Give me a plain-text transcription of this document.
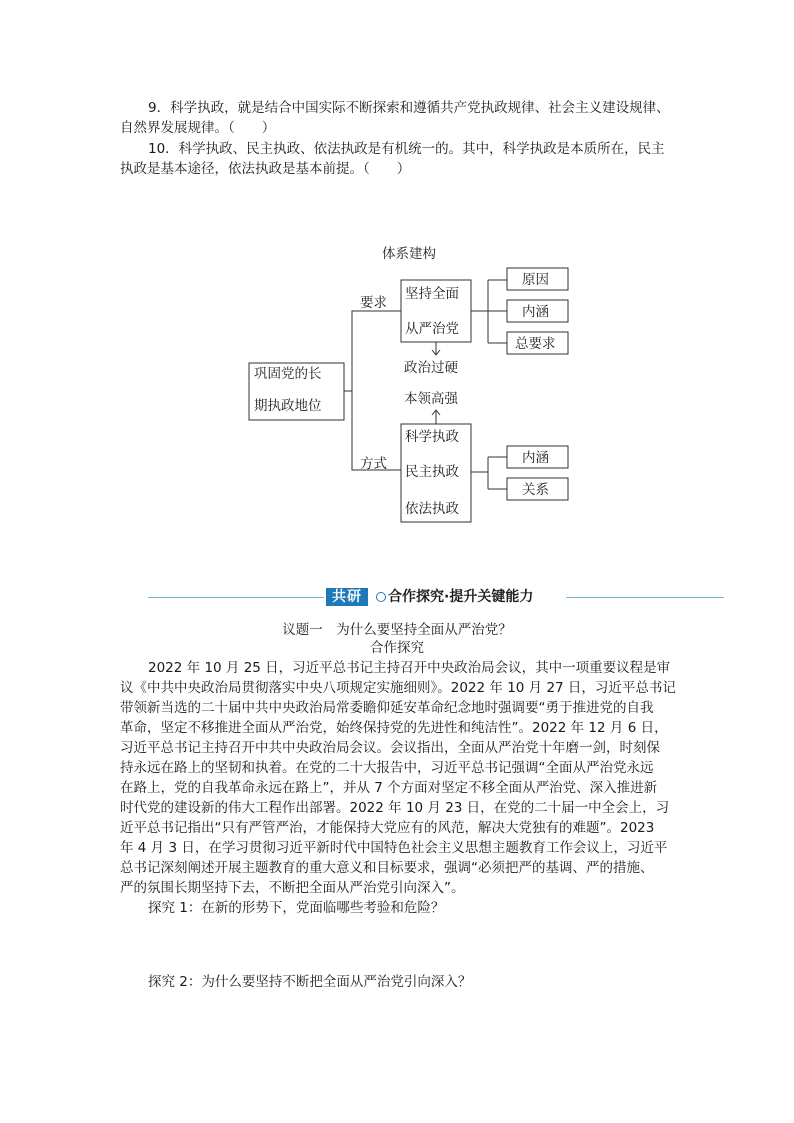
9．科学执政，就是结合中国实际不断探索和遵循共产党执政规律、社会主义建设规律、
自然界发展规律。（　　）
10．科学执政、民主执政、依法执政是有机统一的。其中，科学执政是本质所在，民主
执政是基本途径，依法执政是基本前提。（　　）
体系建构
巩固党的长
期执政地位
要求
方式
坚持全面
从严治党
原因
内涵
总要求
政治过硬
本领高强
科学执政
民主执政
依法执政
内涵
关系
共研	合作探究·提升关键能力
议题一　为什么要坚持全面从严治党？
合作探究
2022 年 10 月 25 日，习近平总书记主持召开中央政治局会议，其中一项重要议程是审
议《中共中央政治局贯彻落实中央八项规定实施细则》。2022 年 10 月 27 日，习近平总书记
带领新当选的二十届中共中央政治局常委瞻仰延安革命纪念地时强调要“勇于推进党的自我
革命，坚定不移推进全面从严治党，始终保持党的先进性和纯洁性”。2022 年 12 月 6 日，
习近平总书记主持召开中共中央政治局会议。会议指出，全面从严治党十年磨一剑，时刻保
持永远在路上的坚韧和执着。在党的二十大报告中，习近平总书记强调“全面从严治党永远
在路上，党的自我革命永远在路上”，并从 7 个方面对坚定不移全面从严治党、深入推进新
时代党的建设新的伟大工程作出部署。2022 年 10 月 23 日，在党的二十届一中全会上，习
近平总书记指出“只有严管严治，才能保持大党应有的风范，解决大党独有的难题”。2023
年 4 月 3 日，在学习贯彻习近平新时代中国特色社会主义思想主题教育工作会议上，习近平
总书记深刻阐述开展主题教育的重大意义和目标要求，强调“必须把严的基调、严的措施、
严的氛围长期坚持下去，不断把全面从严治党引向深入”。
探究 1：在新的形势下，党面临哪些考验和危险？
探究 2：为什么要坚持不断把全面从严治党引向深入？
